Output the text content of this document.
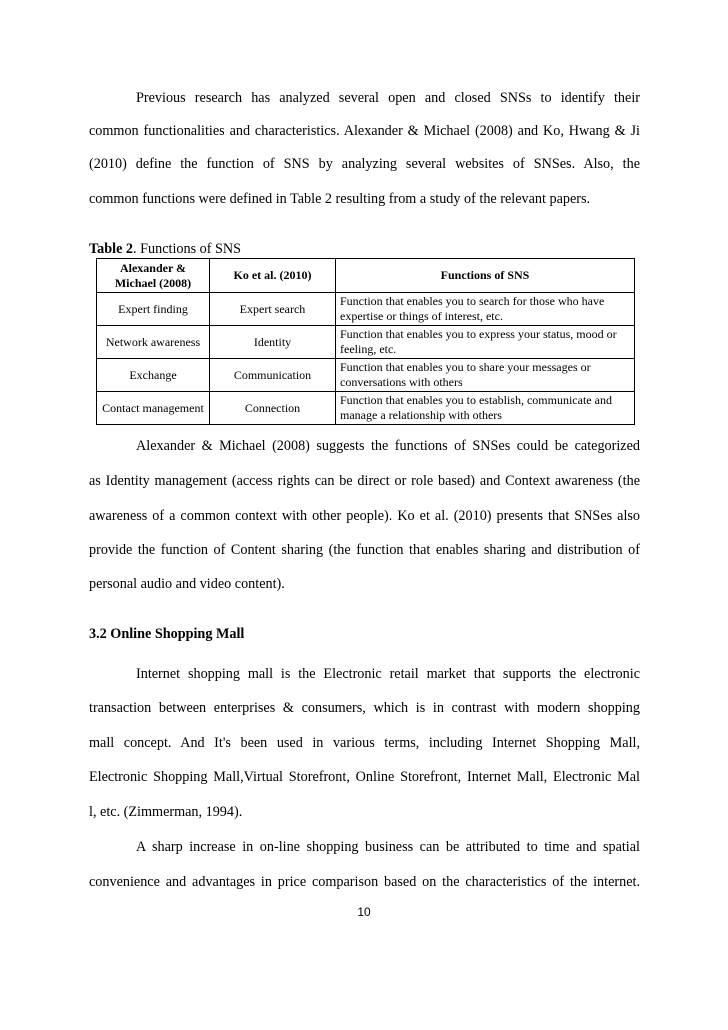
Previous research has analyzed several open and closed SNSs to identify their
common functionalities and characteristics. Alexander & Michael (2008) and Ko, Hwang & Ji
(2010) define the function of SNS by analyzing several websites of SNSes. Also, the
common functions were defined in Table 2 resulting from a study of the relevant papers.
Table 2. Functions of SNS
Alexander & Michael (2008)	Ko et al. (2010)	Functions of SNS
Expert finding	Expert search	Function that enables you to search for those who have expertise or things of interest, etc.
Network awareness	Identity	Function that enables you to express your status, mood or feeling, etc.
Exchange	Communication	Function that enables you to share your messages or conversations with others
Contact management	Connection	Function that enables you to establish, communicate and manage a relationship with others
Alexander & Michael (2008) suggests the functions of SNSes could be categorized
as Identity management (access rights can be direct or role based) and Context awareness (the
awareness of a common context with other people). Ko et al. (2010) presents that SNSes also
provide the function of Content sharing (the function that enables sharing and distribution of
personal audio and video content).
3.2 Online Shopping Mall
Internet shopping mall is the Electronic retail market that supports the electronic
transaction between enterprises & consumers, which is in contrast with modern shopping
mall concept. And It's been used in various terms, including Internet Shopping Mall,
Electronic Shopping Mall,Virtual Storefront, Online Storefront, Internet Mall, Electronic Mal
l, etc. (Zimmerman, 1994).
A sharp increase in on-line shopping business can be attributed to time and spatial
convenience and advantages in price comparison based on the characteristics of the internet.
10
